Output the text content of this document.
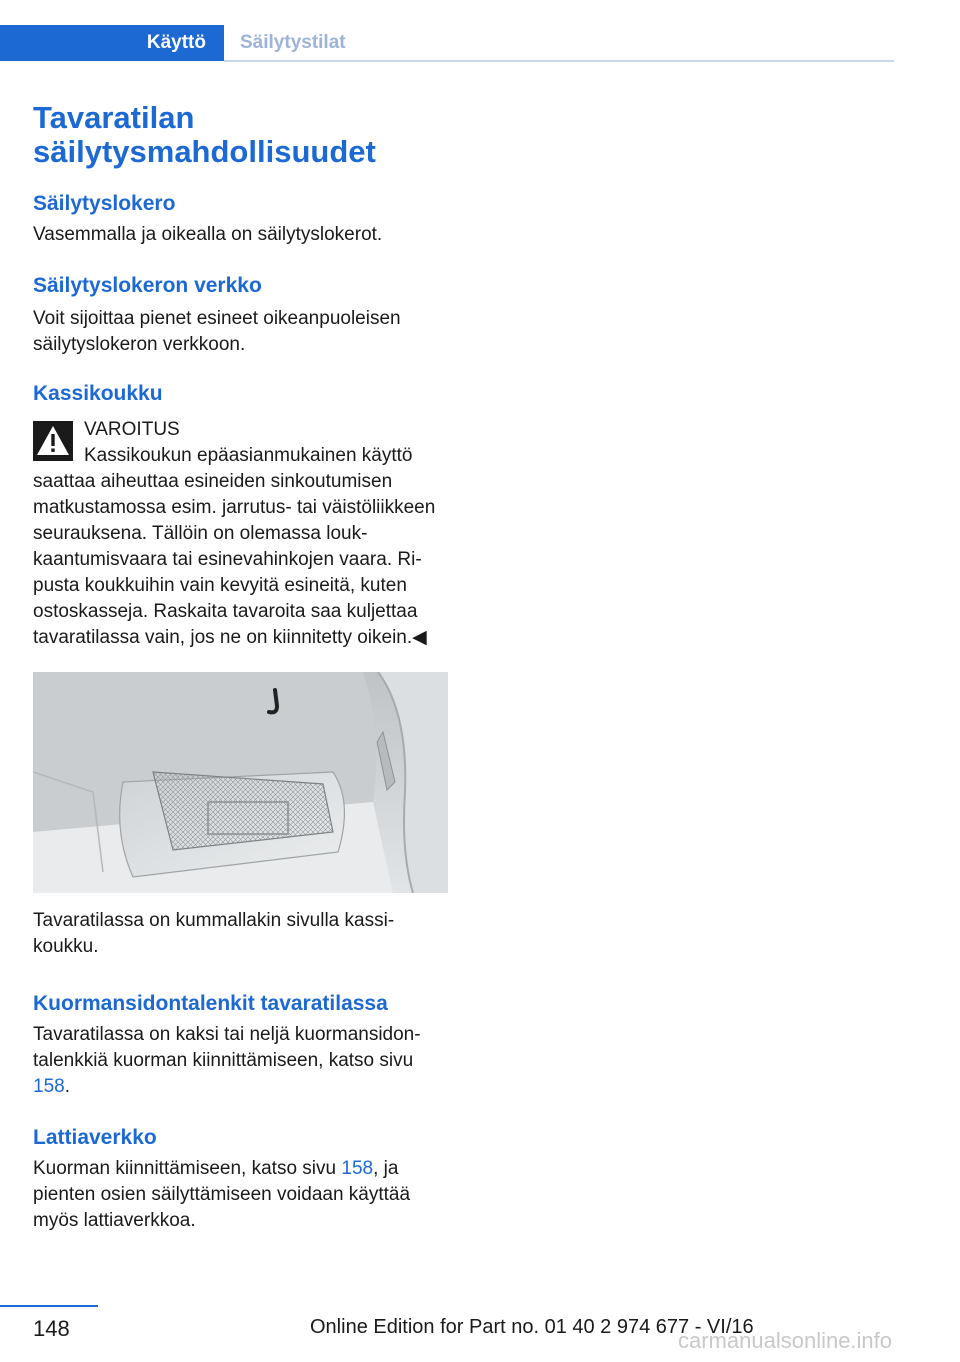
Käyttö Säilytystilat
Tavaratilan säilytysmahdollisuudet
Säilytyslokero

Vasemmalla ja oikealla on säilytyslokerot.

Säilytyslokeron verkko

Voit sijoittaa pienet esineet oikeanpuoleisen säilytyslokeron verkkoon.

Kassikoukku
VAROITUS
Kassikoukun epäasianmukainen käyttö

saattaa aiheuttaa esineiden sinkoutumisen matkustamossa esim. jarrutus- tai väistöliikkeen seurauksena. Tällöin on olemassa loukkaantumisvaara tai esinevahinkojen vaara. Ripusta koukkuihin vain kevyitä esineitä, kuten ostoskasseja. Raskaita tavaroita saa kuljettaa tavaratilassa vain, jos ne on kiinnitetty oikein.◀

Tavaratilassa on kummallakin sivulla kassikoukku.

Kuormansidontalenkit tavaratilassa

Tavaratilassa on kaksi tai neljä kuormansidontalenkkiä kuorman kiinnittämiseen, katso sivu 158.

Lattiaverkko

Kuorman kiinnittämiseen, katso sivu 158, ja pienten osien säilyttämiseen voidaan käyttää myös lattiaverkkoa.

148	Online Edition for Part no. 01 40 2 974 677 - VI/16
carmanualsonline.info
